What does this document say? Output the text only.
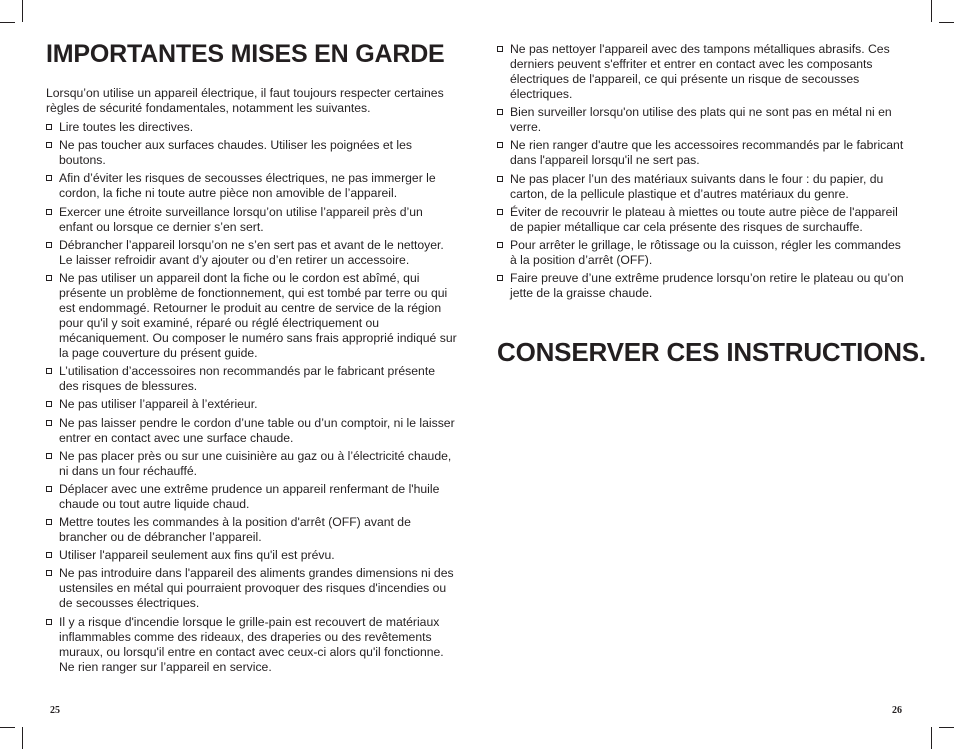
IMPORTANTES MISES EN GARDE

Lorsqu’on utilise un appareil électrique, il faut toujours respecter certaines règles de sécurité fondamentales, notamment les suivantes.

Lire toutes les directives.
Ne pas toucher aux surfaces chaudes. Utiliser les poignées et les boutons.
Afin d’éviter les risques de secousses électriques, ne pas immerger le cordon, la fiche ni toute autre pièce non amovible de l’appareil.
Exercer une étroite surveillance lorsqu’on utilise l’appareil près d’un enfant ou lorsque ce dernier s’en sert.
Débrancher l’appareil lorsqu’on ne s’en sert pas et avant de le nettoyer. Le laisser refroidir avant d’y ajouter ou d’en retirer un accessoire.
Ne pas utiliser un appareil dont la fiche ou le cordon est abîmé, qui présente un problème de fonctionnement, qui est tombé par terre ou qui est endommagé. Retourner le produit au centre de service de la région pour qu'il y soit examiné, réparé ou réglé électriquement ou mécaniquement. Ou composer le numéro sans frais approprié indiqué sur la page couverture du présent guide.
L’utilisation d’accessoires non recommandés par le fabricant présente des risques de blessures.
Ne pas utiliser l’appareil à l’extérieur.
Ne pas laisser pendre le cordon d’une table ou d’un comptoir, ni le laisser entrer en contact avec une surface chaude.
Ne pas placer près ou sur une cuisinière au gaz ou à l’électricité chaude, ni dans un four réchauffé.
Déplacer avec une extrême prudence un appareil renfermant de l'huile chaude ou tout autre liquide chaud.
Mettre toutes les commandes à la position d'arrêt (OFF) avant de brancher ou de débrancher l’appareil.
Utiliser l'appareil seulement aux fins qu'il est prévu.
Ne pas introduire dans l'appareil des aliments grandes dimensions ni des ustensiles en métal qui pourraient provoquer des risques d'incendies ou de secousses électriques.
Il y a risque d'incendie lorsque le grille-pain est recouvert de matériaux inflammables comme des rideaux, des draperies ou des revêtements muraux, ou lorsqu'il entre en contact avec ceux-ci alors qu'il fonctionne. Ne rien ranger sur l’appareil en service.
Ne pas nettoyer l'appareil avec des tampons métalliques abrasifs. Ces derniers peuvent s'effriter et entrer en contact avec les composants électriques de l'appareil, ce qui présente un risque de secousses électriques.
Bien surveiller lorsqu'on utilise des plats qui ne sont pas en métal ni en verre.
Ne rien ranger d'autre que les accessoires recommandés par le fabricant dans l'appareil lorsqu'il ne sert pas.
Ne pas placer l’un des matériaux suivants dans le four : du papier, du carton, de la pellicule plastique et d’autres matériaux du genre.
Éviter de recouvrir le plateau à miettes ou toute autre pièce de l'appareil de papier métallique car cela présente des risques de surchauffe.
Pour arrêter le grillage, le rôtissage ou la cuisson, régler les commandes à la position d’arrêt (OFF).
Faire preuve d’une extrême prudence lorsqu’on retire le plateau ou qu’on jette de la graisse chaude.
CONSERVER CES INSTRUCTIONS.
25	26
